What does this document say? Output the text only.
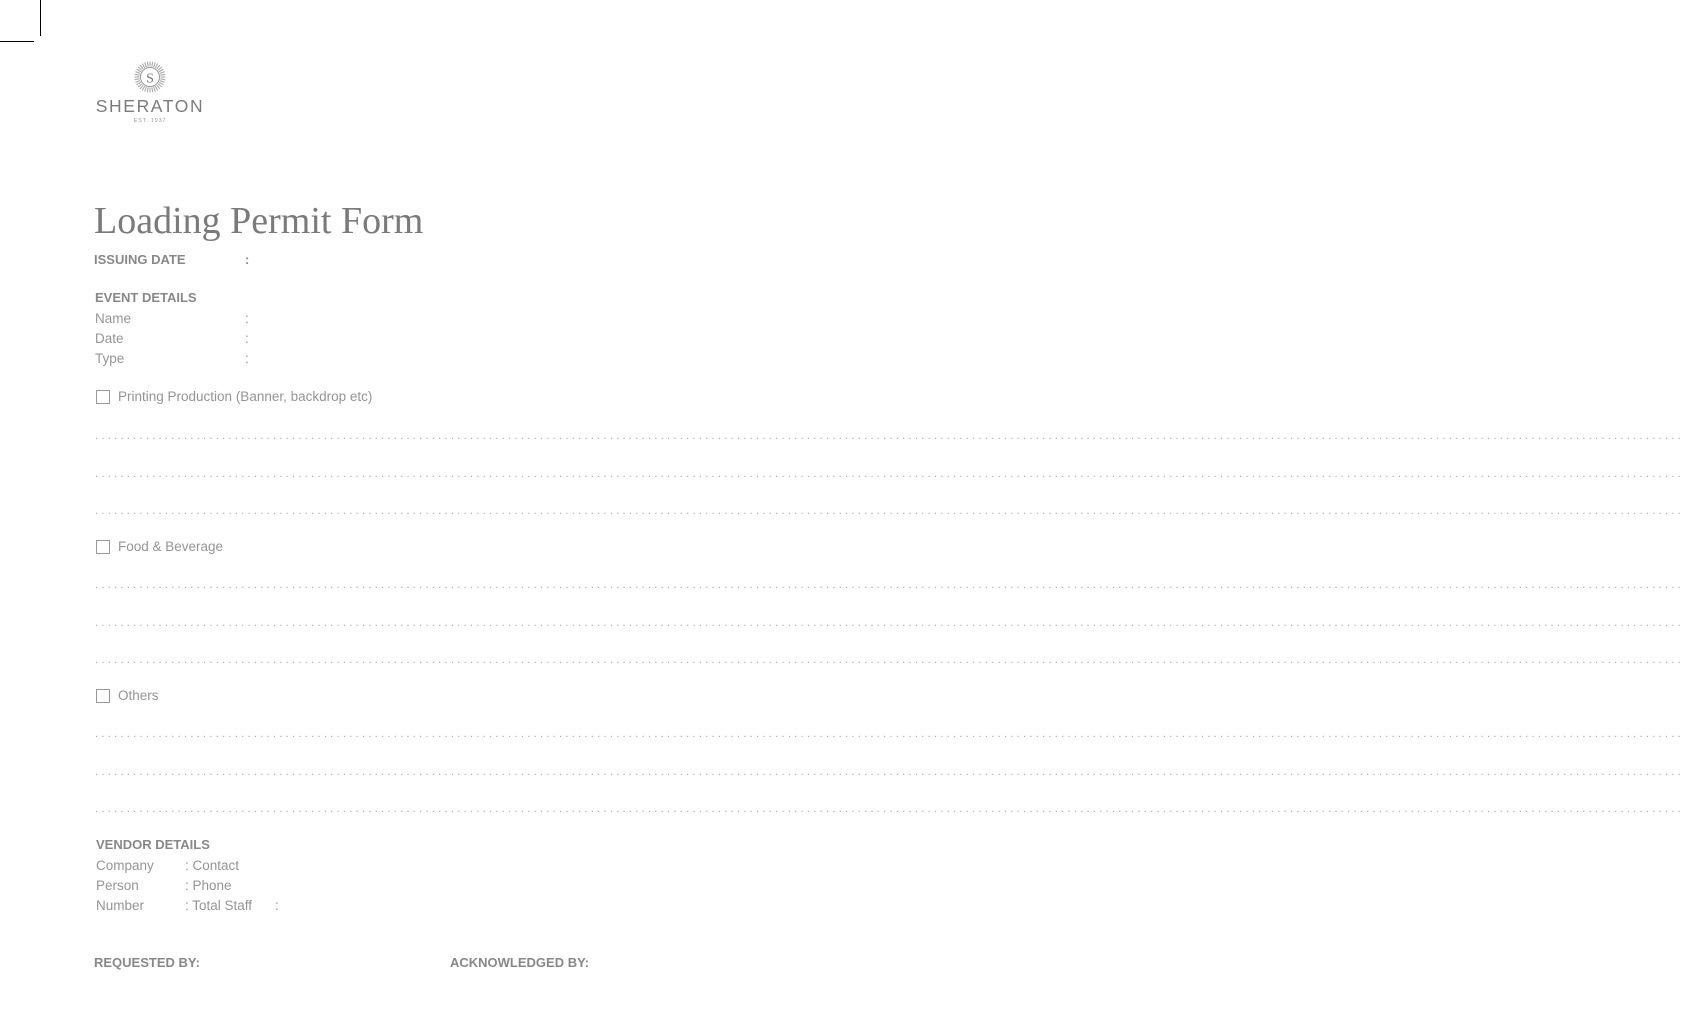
S
SHERATON
EST. 1937
Loading Permit Form
ISSUING DATE	:
EVENT DETAILS
Name	:
Date	:
Type	:
Printing Production (Banner, backdrop etc)
..........................................................................................................................................................................................................................................................
..........................................................................................................................................................................................................................................................
..........................................................................................................................................................................................................................................................
Food & Beverage
..........................................................................................................................................................................................................................................................
..........................................................................................................................................................................................................................................................
..........................................................................................................................................................................................................................................................
Others
..........................................................................................................................................................................................................................................................
..........................................................................................................................................................................................................................................................
..........................................................................................................................................................................................................................................................
VENDOR DETAILS
Company : Contact
Person	: Phone
Number	: Total Staff :
REQUESTED BY:	ACKNOWLEDGED BY:
